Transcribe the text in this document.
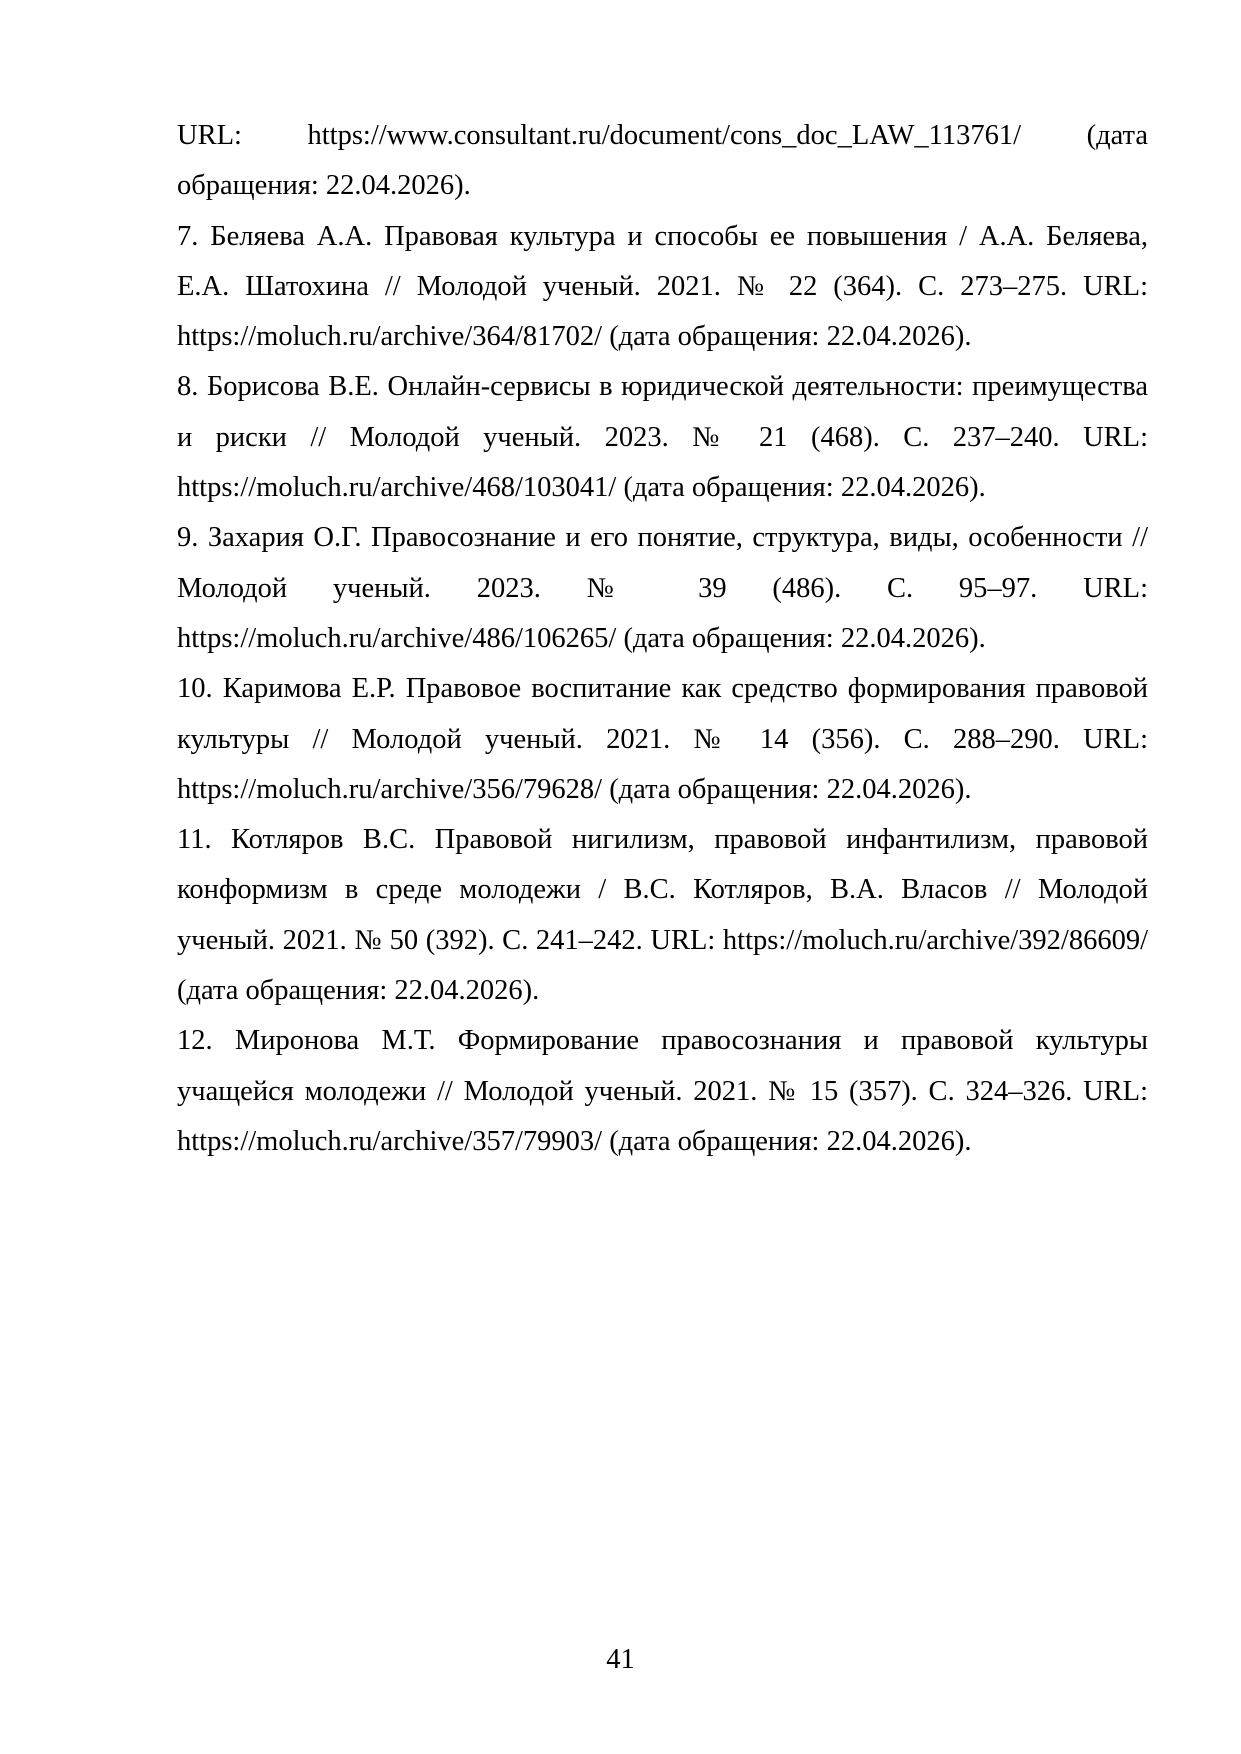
URL: https://www.consultant.ru/document/cons_doc_LAW_113761/ (дата обращения: 22.04.2026).

7. Беляева А.А. Правовая культура и способы ее повышения / А.А. Беляева, Е.А. Шатохина // Молодой ученый. 2021. № 22 (364). С. 273–275. URL: https://moluch.ru/archive/364/81702/ (дата обращения: 22.04.2026).

8. Борисова В.Е. Онлайн-сервисы в юридической деятельности: преимущества и риски // Молодой ученый. 2023. № 21 (468). С. 237–240. URL: https://moluch.ru/archive/468/103041/ (дата обращения: 22.04.2026).

9. Захария О.Г. Правосознание и его понятие, структура, виды, особенности // Молодой ученый. 2023. № 39 (486). С. 95–97. URL: https://moluch.ru/archive/486/106265/ (дата обращения: 22.04.2026).

10. Каримова Е.Р. Правовое воспитание как средство формирования правовой культуры // Молодой ученый. 2021. № 14 (356). С. 288–290. URL: https://moluch.ru/archive/356/79628/ (дата обращения: 22.04.2026).

11. Котляров В.С. Правовой нигилизм, правовой инфантилизм, правовой конформизм в среде молодежи / В.С. Котляров, В.А. Власов // Молодой ученый. 2021. № 50 (392). С. 241–242. URL: https://moluch.ru/archive/392/86609/ (дата обращения: 22.04.2026).

12. Миронова М.Т. Формирование правосознания и правовой культуры учащейся молодежи // Молодой ученый. 2021. № 15 (357). С. 324–326. URL: https://moluch.ru/archive/357/79903/ (дата обращения: 22.04.2026).

41
